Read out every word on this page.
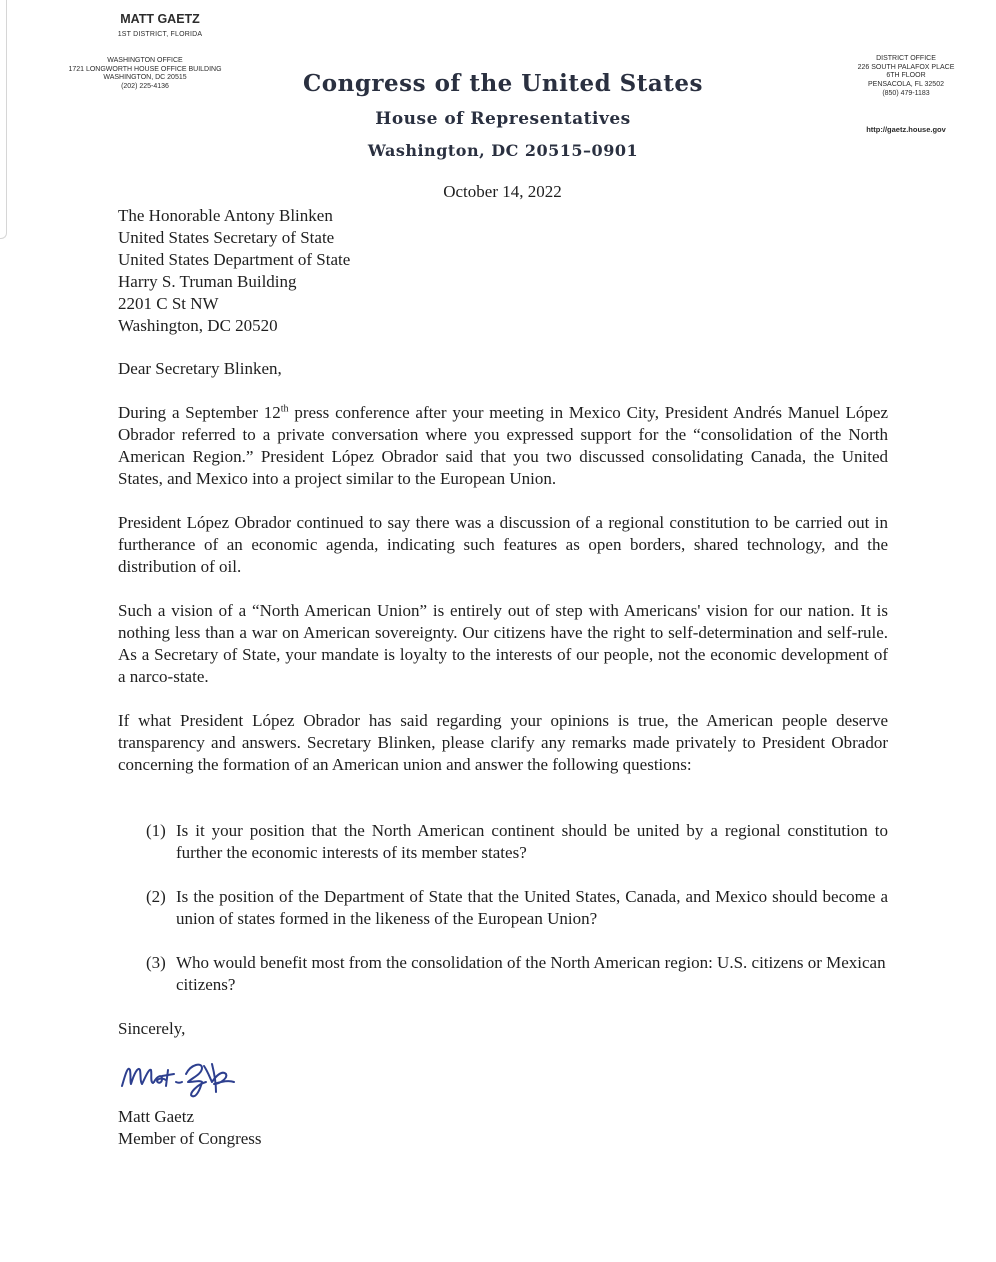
MATT GAETZ
1ST DISTRICT, FLORIDA
WASHINGTON OFFICE
1721 LONGWORTH HOUSE OFFICE BUILDING
WASHINGTON, DC 20515
(202) 225-4136
DISTRICT OFFICE
226 SOUTH PALAFOX PLACE
6TH FLOOR
PENSACOLA, FL 32502
(850) 479-1183
http://gaetz.house.gov
Congress of the United States
House of Representatives
Washington, DC 20515–0901
October 14, 2022
The Honorable Antony Blinken
United States Secretary of State
United States Department of State
Harry S. Truman Building
2201 C St NW
Washington, DC 20520
Dear Secretary Blinken,
During a September 12th press conference after your meeting in Mexico City, President Andrés Manuel López Obrador referred to a private conversation where you expressed support for the “consolidation of the North American Region.” President López Obrador said that you two discussed consolidating Canada, the United States, and Mexico into a project similar to the European Union.
President López Obrador continued to say there was a discussion of a regional constitution to be carried out in furtherance of an economic agenda, indicating such features as open borders, shared technology, and the distribution of oil.
Such a vision of a “North American Union” is entirely out of step with Americans' vision for our nation. It is nothing less than a war on American sovereignty. Our citizens have the right to self-determination and self-rule. As a Secretary of State, your mandate is loyalty to the interests of our people, not the economic development of a narco-state.
If what President López Obrador has said regarding your opinions is true, the American people deserve transparency and answers. Secretary Blinken, please clarify any remarks made privately to President Obrador concerning the formation of an American union and answer the following questions:
(1) Is it your position that the North American continent should be united by a regional constitution to further the economic interests of its member states?
(2) Is the position of the Department of State that the United States, Canada, and Mexico should become a union of states formed in the likeness of the European Union?
(3) Who would benefit most from the consolidation of the North American region: U.S. citizens or Mexican citizens?
Sincerely,
Matt Gaetz
Member of Congress
